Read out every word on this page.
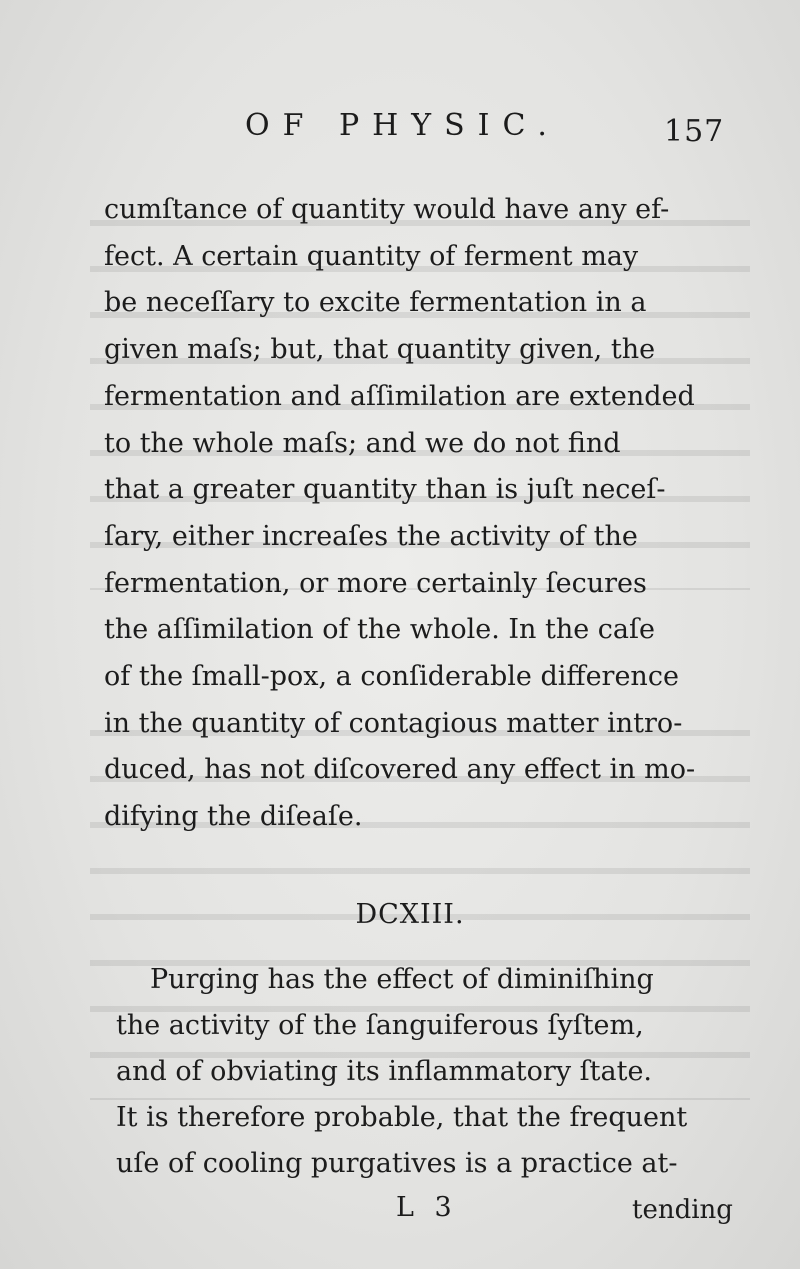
OF PHYSIC.	157
cumſtance of quantity would have any ef-
fect. A certain quantity of ferment may
be neceſſary to excite fermentation in a
given maſs; but, that quantity given, the
fermentation and aſſimilation are extended
to the whole maſs; and we do not find
that a greater quantity than is juſt neceſ-
ſary, either increaſes the activity of the
fermentation, or more certainly ſecures
the aſſimilation of the whole. In the caſe
of the ſmall-pox, a conſiderable difference
in the quantity of contagious matter intro-
duced, has not diſcovered any effect in mo-
difying the diſeaſe.
DCXIII.
Purging has the effect of diminiſhing
the activity of the ſanguiferous ſyſtem,
and of obviating its inflammatory ſtate.
It is therefore probable, that the frequent
uſe of cooling purgatives is a practice at-
L 3	tending
